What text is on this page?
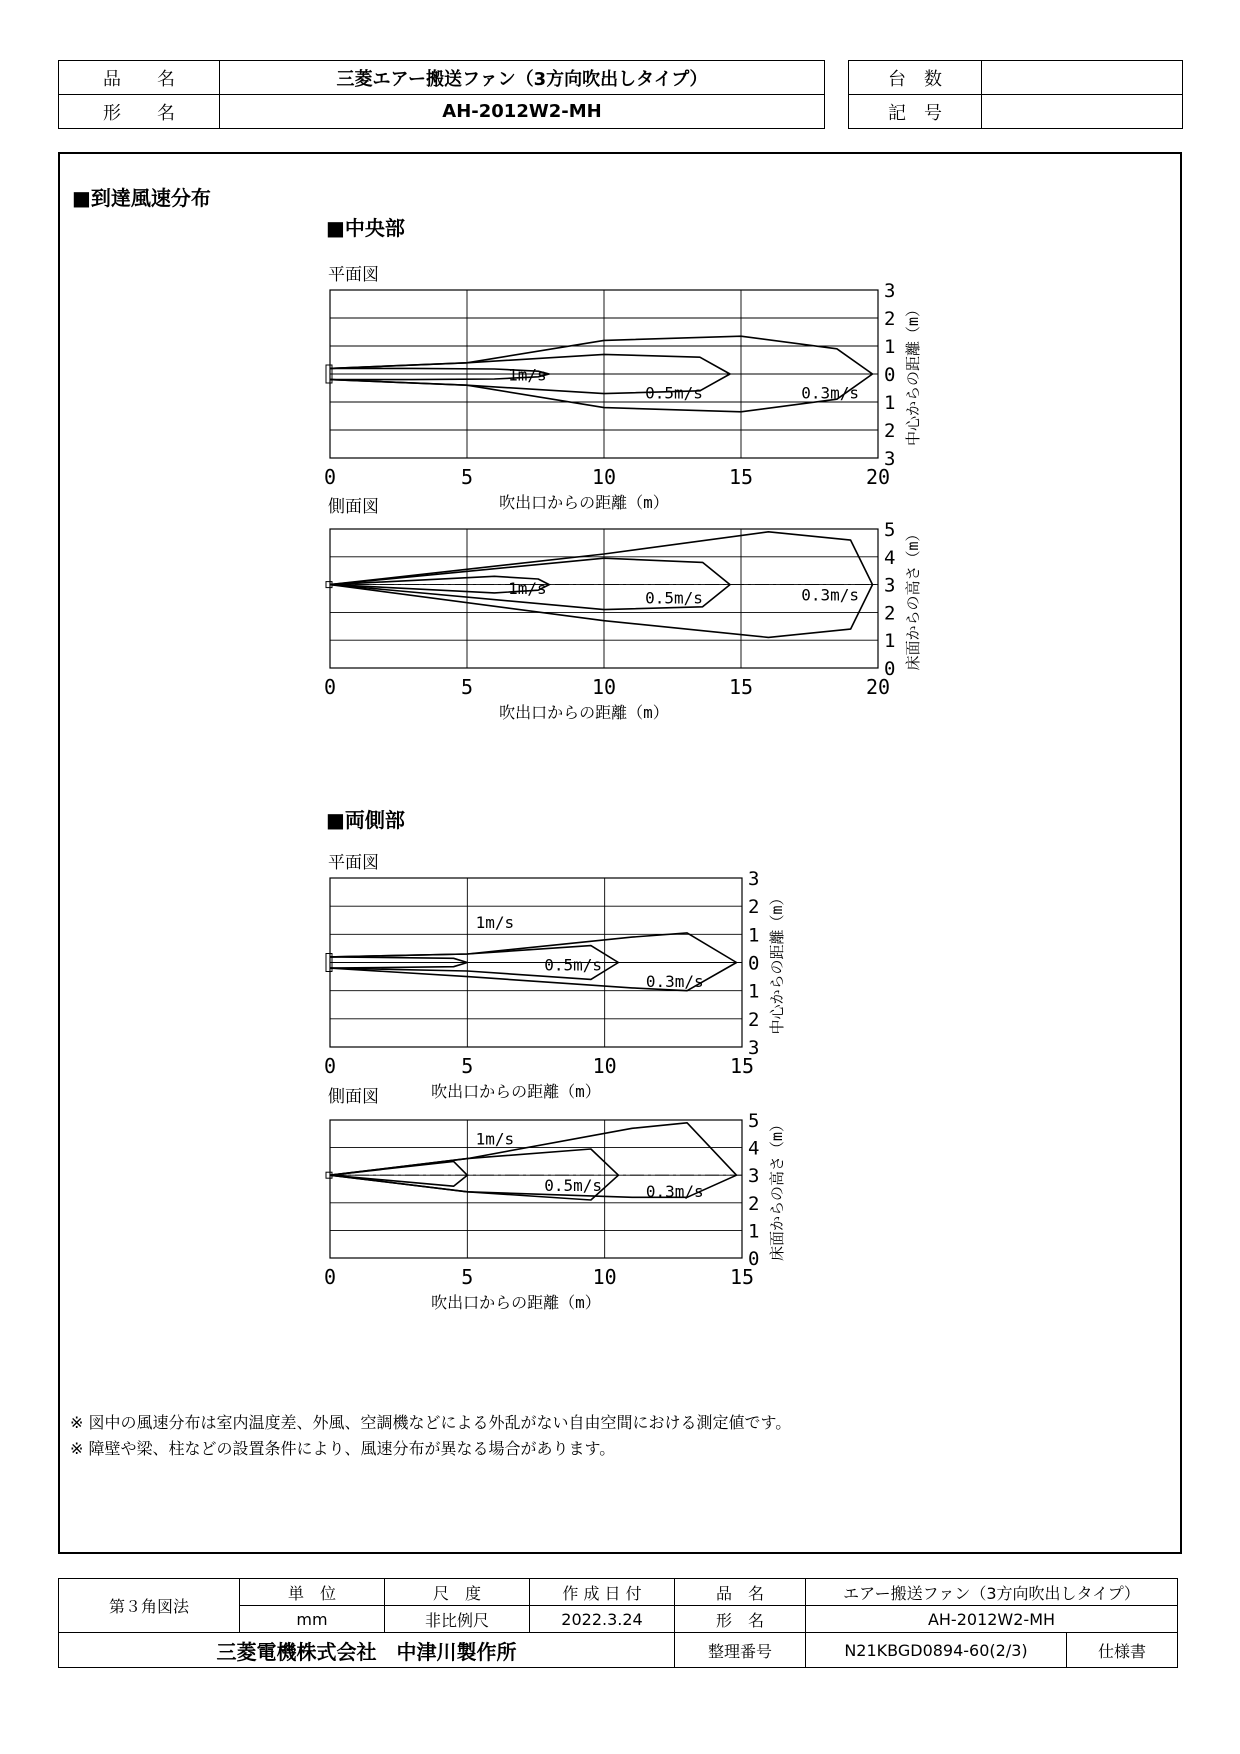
品　　名	三菱エアー搬送ファン（3方向吹出しタイプ）
形　　名	AH-2012W2-MH
台　数	
記　号	
■到達風速分布
■中央部
平面図
側面図
■両側部
平面図
側面図
1m/s
0.5m/s	0.3m/s
0	5	10	15	20
3
2
1
0
1
2
3
吹出口からの距離（m）
中心からの距離（m）
1m/s
0.5m/s	0.3m/s
0	5	10	15	20
5
4
3
2
1
0
吹出口からの距離（m）
床面からの高さ（m）
1m/s
0.5m/s
0.3m/s
0	5	10	15
3
2
1
0
1
2
3
吹出口からの距離（m）
中心からの距離（m）
1m/s
0.5m/s	0.3m/s
0	5	10	15
5
4
3
2
1
0
吹出口からの距離（m）
床面からの高さ（m）
※ 図中の風速分布は室内温度差、外風、空調機などによる外乱がない自由空間における測定値です。
※ 障壁や梁、柱などの設置条件により、風速分布が異なる場合があります。
第３角図法	単　位	尺　度	作 成 日 付	品　名	エアー搬送ファン（3方向吹出しタイプ）	
	mm	非比例尺	2022.3.24	形　名	AH-2012W2-MH	
三菱電機株式会社　中津川製作所				整理番号	N21KBGD0894-60(2/3)	仕様書
